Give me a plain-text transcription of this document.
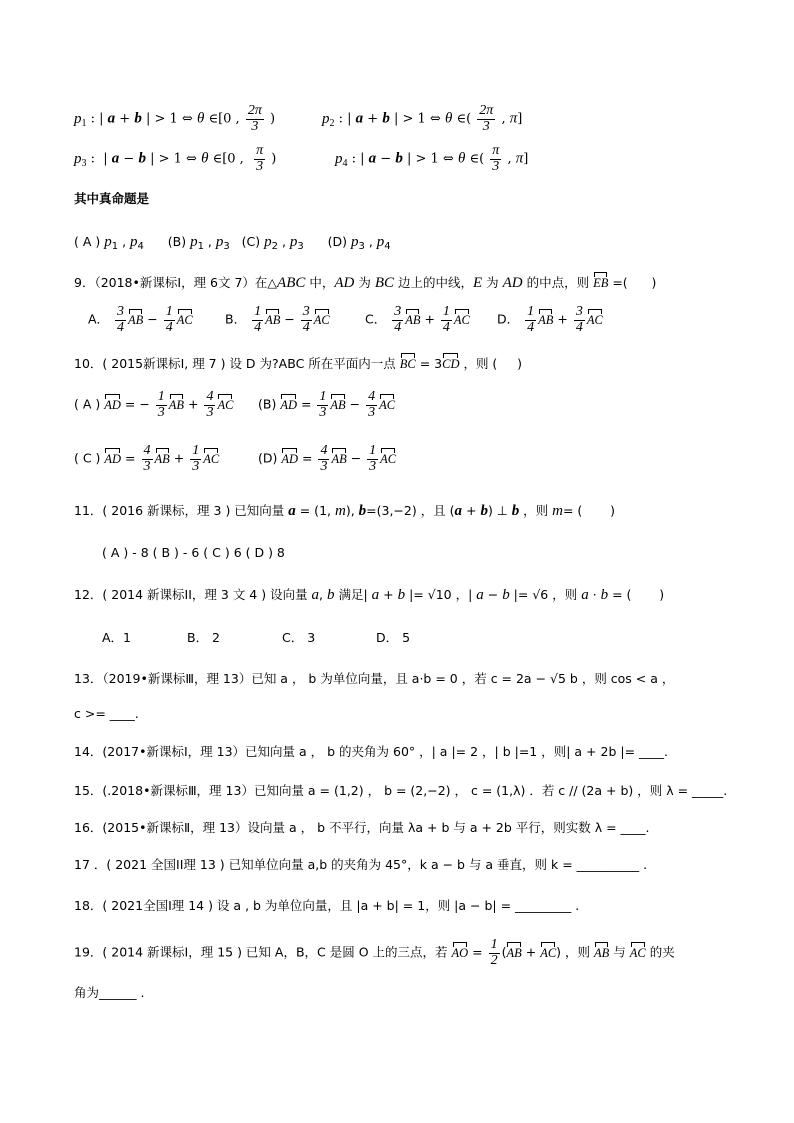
$p_1$ : | a + b | > 1 ⇔ θ ∈[0 , $\frac{2\pi}{3}$ )	$p_2$ : | a + b | > 1 ⇔ θ ∈( $\frac{2\pi}{3}$ , π]
$p_3$ :  | a − b | > 1 ⇔ θ ∈[0 , $\frac{\pi}{3}$ )	$p_4$ : | a − b | > 1 ⇔ θ ∈( $\frac{\pi}{3}$ , π]
其中真命题是
( A ) $p_1$ , $p_4$      (B) $p_1$ , $p_3$   (C) $p_2$ , $p_3$      (D) $p_3$ , $p_4$
9．（2018•新课标Ⅰ，理 6文 7）在△ABC 中，AD 为 BC 边上的中线，E 为 AD 的中点，则 EB =(      )
A． $\frac{3}{4}$ AB − $\frac{1}{4}$ AC	B． $\frac{1}{4}$ AB − $\frac{3}{4}$ AC	C． $\frac{3}{4}$ AB + $\frac{1}{4}$ AC D． $\frac{1}{4}$ AB + $\frac{3}{4}$ AC
10．( 2015新课标Ⅰ, 理 7 ) 设 D 为?ABC 所在平面内一点 BC = 3CD ，则 (     )
( A ) AD = − $\frac{1}{3}$ AB + $\frac{4}{3}$ AC (B) AD = $\frac{1}{3}$ AB − $\frac{4}{3}$ AC
( C ) AD = $\frac{4}{3}$ AB + $\frac{1}{3}$ AC	(D) AD = $\frac{4}{3}$ AB − $\frac{1}{3}$ AC
11．( 2016 新课标，理 3 ) 已知向量 a = (1, m), b=(3,−2) ，且 (a + b) ⊥ b ，则 m= (       )
( A ) - 8 ( B ) - 6 ( C ) 6 ( D ) 8
12．( 2014 新课标II，理 3 文 4 ) 设向量 a, b 满足| a + b |= √10 ，| a − b |= √6 ，则 a · b = (       )
A．1	B． 2	C． 3	D． 5
13．（2019•新课标Ⅲ，理 13）已知 a ， b 为单位向量，且 a·b = 0 ，若 c = 2a − √5 b ，则 cos < a ，
c >= ____.
14．(2017•新课标Ⅰ，理 13）已知向量 a ， b 的夹角为 60° ，| a |= 2 ，| b |=1 ，则| a + 2b |= ____.
15．(.2018•新课标Ⅲ，理 13）已知向量 a = (1,2) ， b = (2,−2) ， c = (1,λ) ．若 c // (2a + b) ，则 λ = _____.
16．(2015•新课标Ⅱ，理 13）设向量 a ， b 不平行，向量 λa + b 与 a + 2b 平行，则实数 λ = ____.
17 ．( 2021 全国II理 13 ) 已知单位向量 a,b 的夹角为 45°，k a − b 与 a 垂直，则 k = __________ .
18．( 2021全国I理 14 ) 设 a , b 为单位向量，且 |a + b| = 1，则 |a − b| = _________ .
19．( 2014 新课标I，理 15 ) 已知 A，B，C 是圆 O 上的三点，若 AO = $\frac{1}{2} (AB + AC)$ ，则 AB 与 AC 的夹
角为______ .
